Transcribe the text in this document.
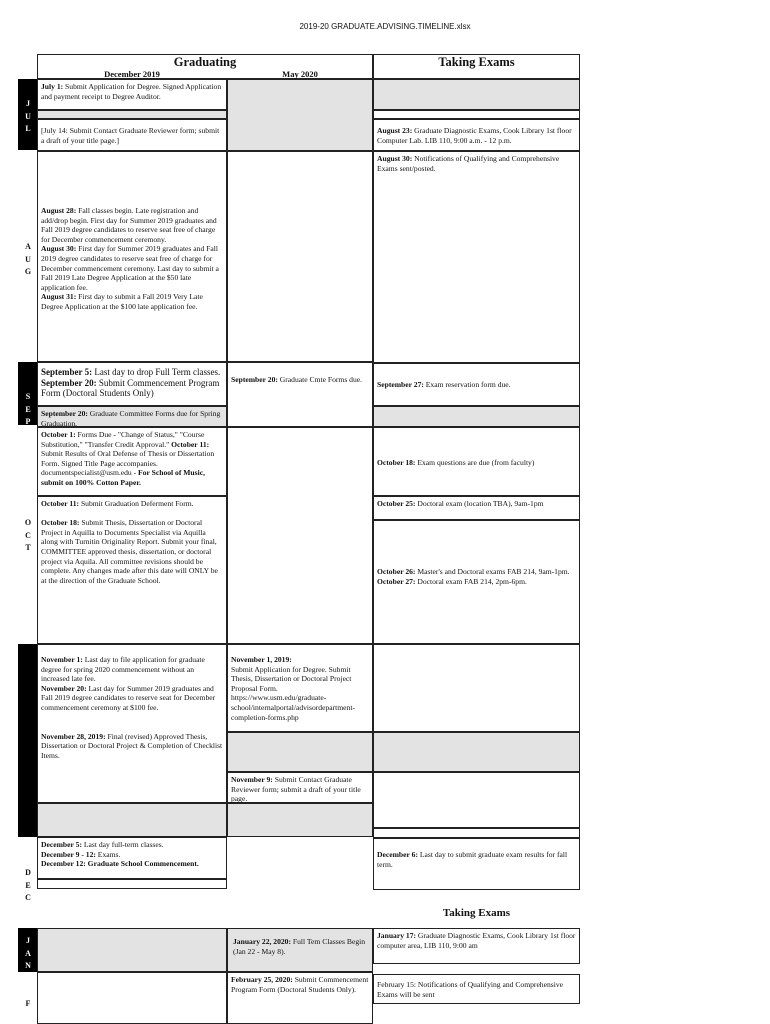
2019-20 GRADUATE.ADVISING.TIMELINE.xlsx
Graduating
December 2019	May 2020
Taking Exams
J
U
L
A
U
G
S
E
P
O
C
T
D
E
C
J
A
N
F
July 1: Submit Application for Degree. Signed Application and payment receipt to Degree Auditor.
[July 14: Submit Contact Graduate Reviewer form; submit a draft of your title page.]
August 28: Fall classes begin. Late registration and add/drop begin. First day for Summer 2019 graduates and Fall 2019 degree candidates to reserve seat free of charge for December commencement ceremony.
August 30: First day for Summer 2019 graduates and Fall 2019 degree candidates to reserve seat free of charge for December commencement ceremony. Last day to submit a Fall 2019 Late Degree Application at the $50 late application fee.
August 31: First day to submit a Fall 2019 Very Late Degree Application at the $100 late application fee.
September 5: Last day to drop Full Term classes.
September 20: Submit Commencement Program Form (Doctoral Students Only)
September 20: Graduate Committee Forms due for Spring Graduation.
October 1: Forms Due - "Change of Status," "Course Substitution," "Transfer Credit Approval." October 11: Submit Results of Oral Defense of Thesis or Dissertation Form. Signed Title Page accompanies. documentspecialist@usm.edu - For School of Music, submit on 100% Cotton Paper.
October 11: Submit Graduation Deferment Form.

October 18: Submit Thesis, Dissertation or Doctoral Project in Aquilla to Documents Specialist via Aquilla along with Turnitin Originality Report. Submit your final, COMMITTEE approved thesis, dissertation, or doctoral project via Aquila. All committee revisions should be complete. Any changes made after this date will ONLY be at the direction of the Graduate School.
November 1: Last day to file application for graduate degree for spring 2020 commencement without an increased late fee.
November 20: Last day for Summer 2019 graduates and Fall 2019 degree candidates to reserve seat for December commencement ceremony at $100 fee.

November 28, 2019: Final (revised) Approved Thesis, Dissertation or Doctoral Project & Completion of Checklist Items.
December 5: Last day full-term classes.
December 9 - 12: Exams.
December 12: Graduate School Commencement.
September 20: Graduate Cmte Forms due.
November 1, 2019:
Submit Application for Degree. Submit Thesis, Dissertation or Doctoral Project Proposal Form. https://www.usm.edu/graduate-school/internalportal/advisordepartment-completion-forms.php
November 9: Submit Contact Graduate Reviewer form; submit a draft of your title page.
January 22, 2020: Full Tem Classes Begin (Jan 22 - May 8).
February 25, 2020: Submit Commencement Program Form (Doctoral Students Only).
August 23: Graduate Diagnostic Exams, Cook Library 1st floor Computer Lab. LIB 110, 9:00 a.m. - 12 p.m.
August 30: Notifications of Qualifying and Comprehensive Exams sent/posted.
September 27: Exam reservation form due.
October 18: Exam questions are due (from faculty)
October 25: Doctoral exam (location TBA), 9am-1pm
October 26: Master's and Doctoral exams FAB 214, 9am-1pm.
October 27: Doctoral exam FAB 214, 2pm-6pm.
December 6: Last day to submit graduate exam results for fall term.
Taking Exams
January 17: Graduate Diagnostic Exams, Cook Library 1st floor computer area, LIB 110, 9:00 am
February 15: Notifications of Qualifying and Comprehensive Exams will be sent
